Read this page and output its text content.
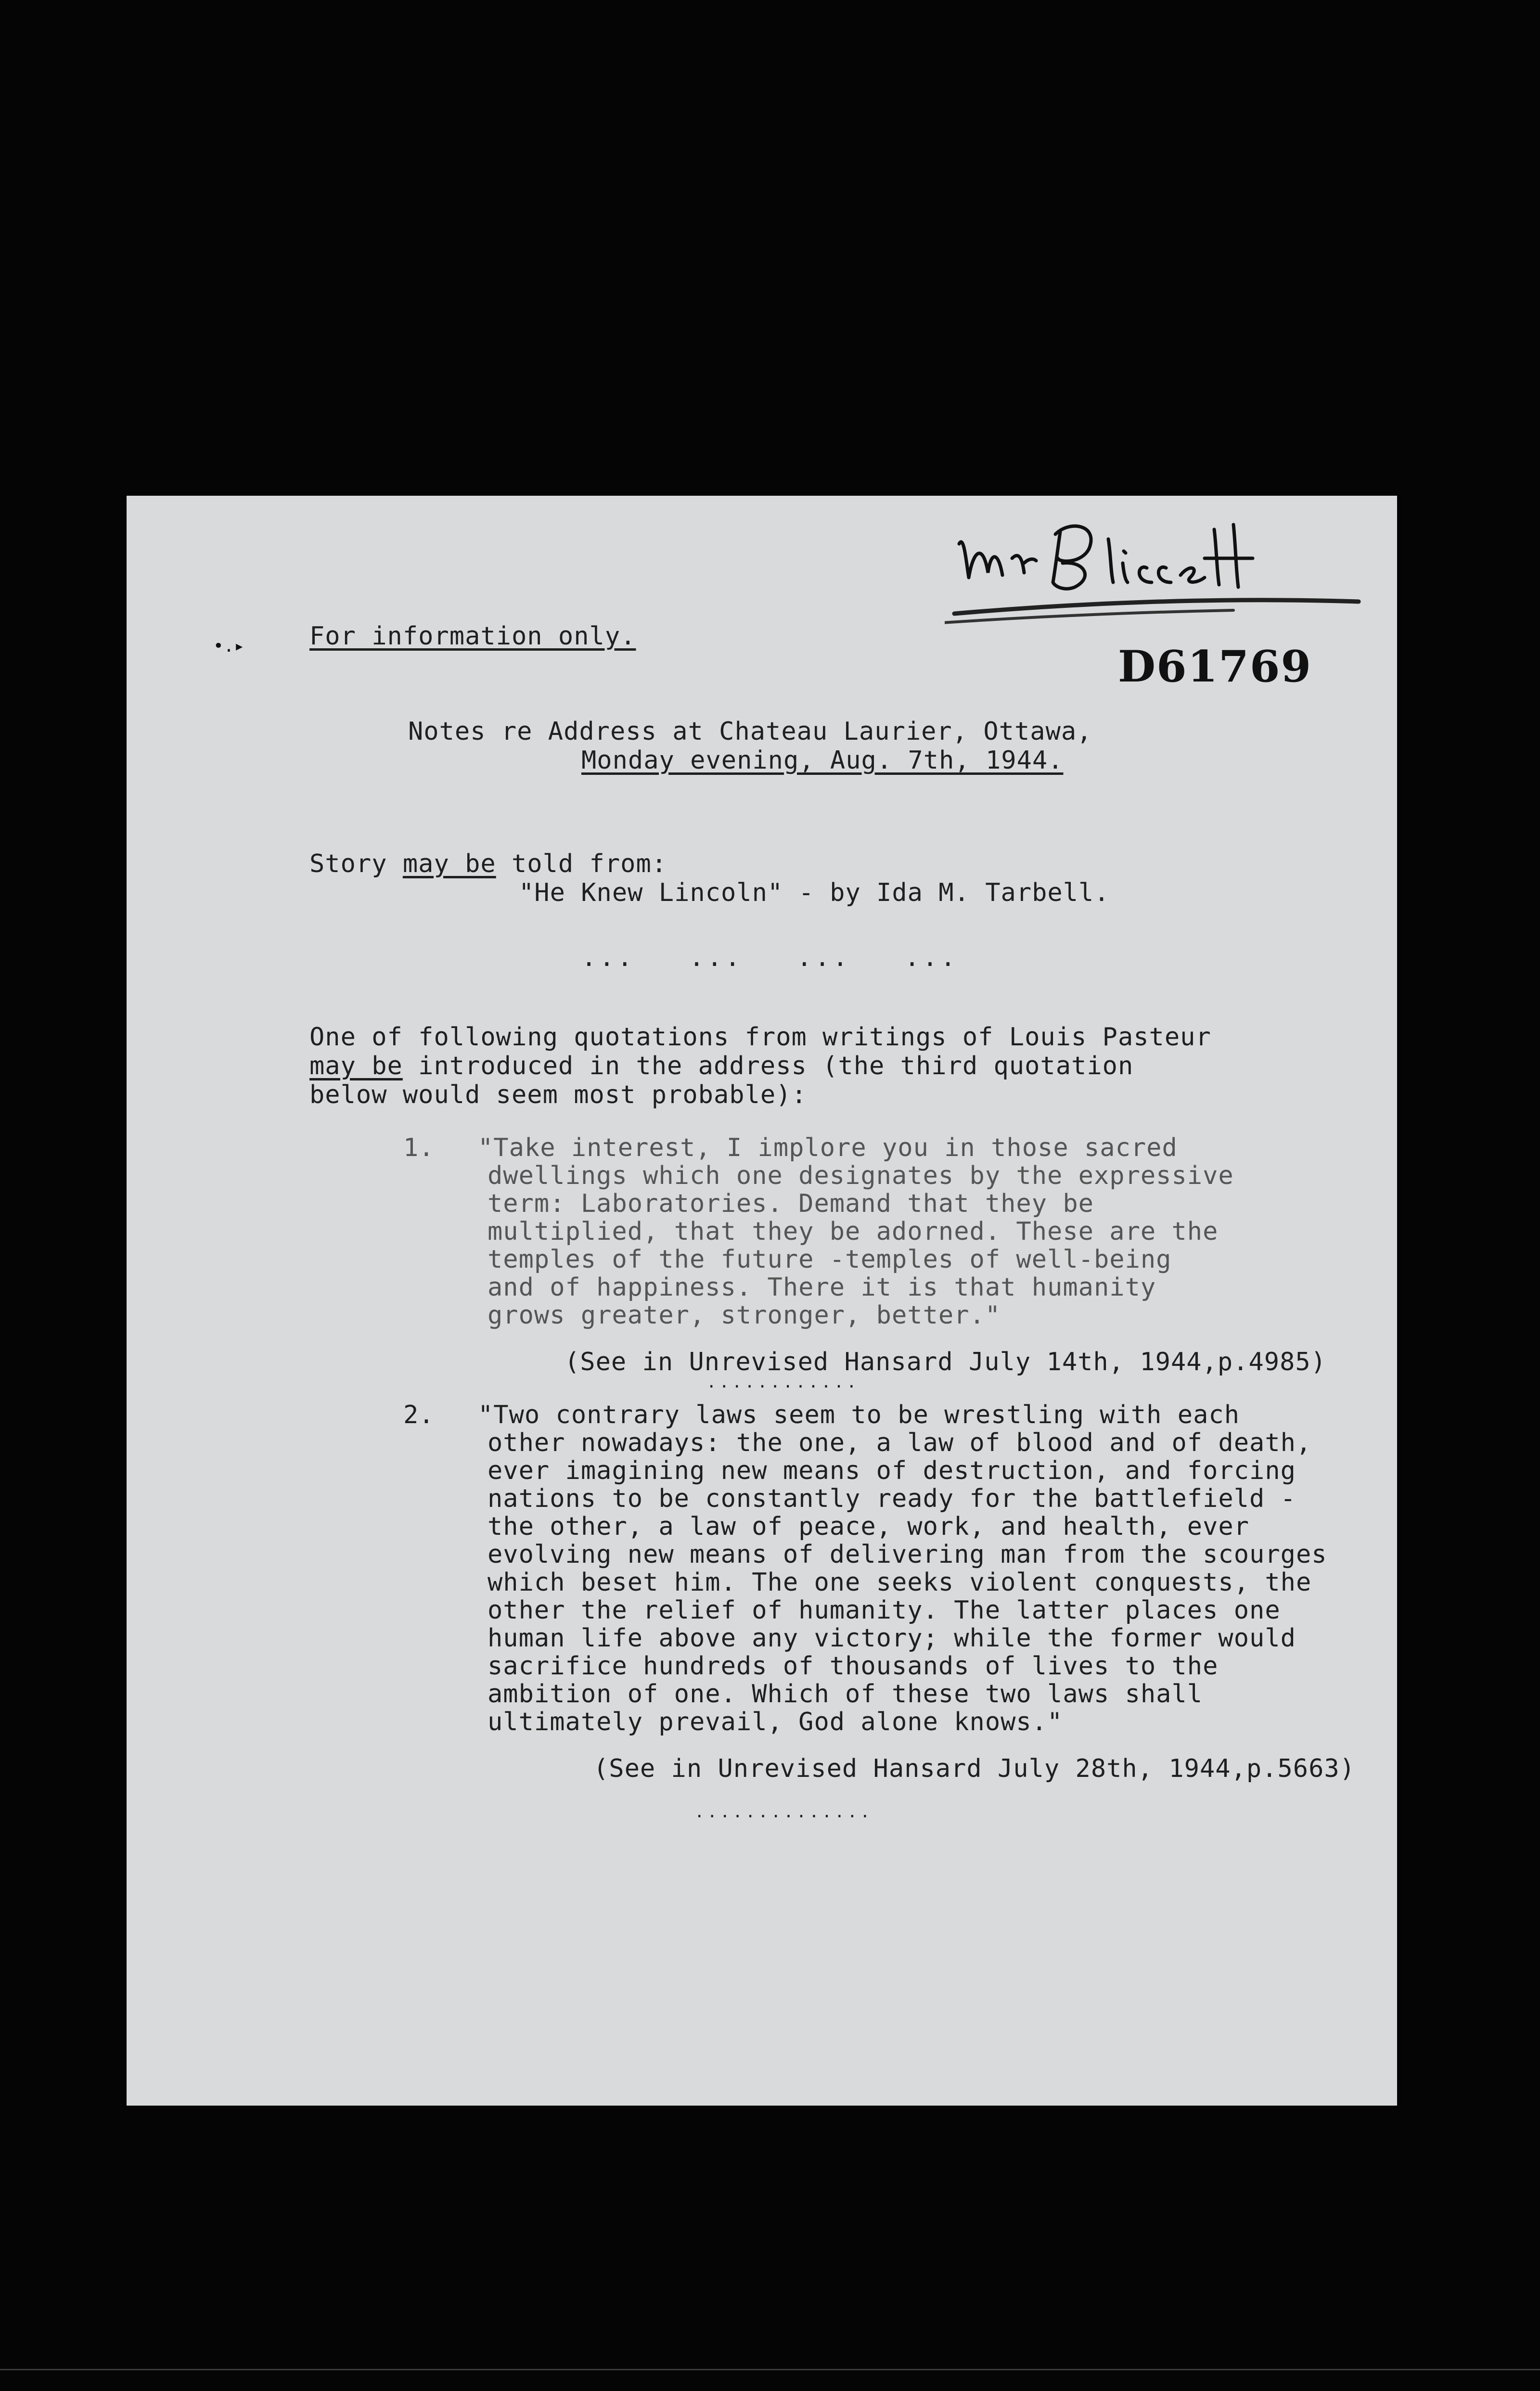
D61769
•.▸	For information only.
Notes re Address at Chateau Laurier, Ottawa,
Monday evening, Aug. 7th, 1944.
Story may be told from:
"He Knew Lincoln" - by Ida M. Tarbell.
...   ...   ...   ...
One of following quotations from writings of Louis Pasteur
may be introduced in the address (the third quotation
below would seem most probable):
1. "Take interest, I implore you in those sacred
dwellings which one designates by the expressive
term: Laboratories. Demand that they be
multiplied, that they be adorned. These are the
temples of the future -temples of well-being
and of happiness. There it is that humanity
grows greater, stronger, better."
(See in Unrevised Hansard July 14th, 1944,p.4985)
............
2. "Two contrary laws seem to be wrestling with each
other nowadays: the one, a law of blood and of death,
ever imagining new means of destruction, and forcing
nations to be constantly ready for the battlefield -
the other, a law of peace, work, and health, ever
evolving new means of delivering man from the scourges
which beset him. The one seeks violent conquests, the
other the relief of humanity. The latter places one
human life above any victory; while the former would
sacrifice hundreds of thousands of lives to the
ambition of one. Which of these two laws shall
ultimately prevail, God alone knows."
(See in Unrevised Hansard July 28th, 1944,p.5663)
..............
